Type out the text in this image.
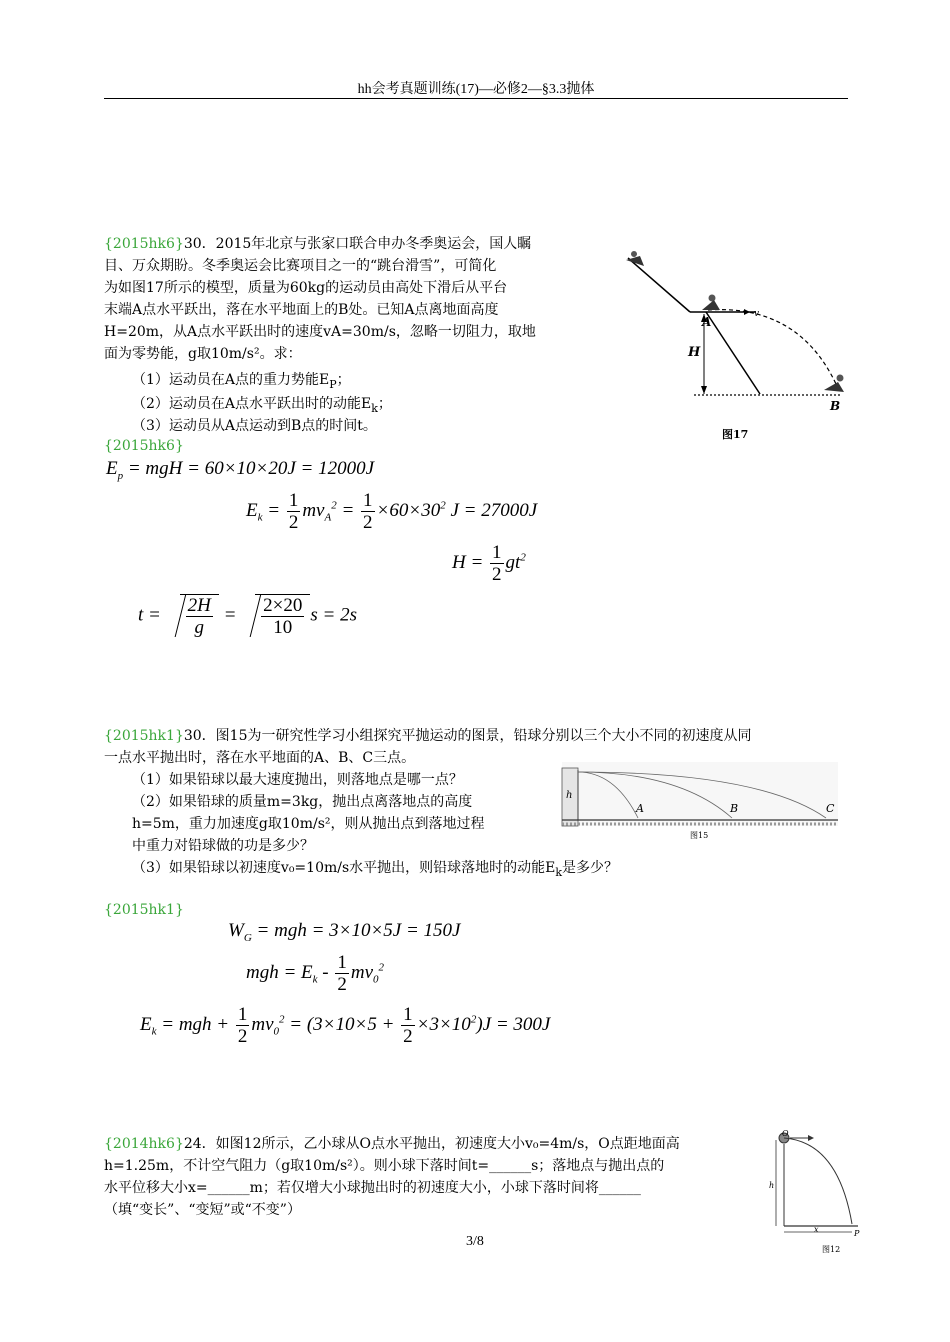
hh会考真题训练(17)—必修2—§3.3抛体
{2015hk6}30．2015年北京与张家口联合申办冬季奥运会，国人瞩
目、万众期盼。冬季奥运会比赛项目之一的“跳台滑雪”，可简化
为如图17所示的模型，质量为60kg的运动员由高处下滑后从平台
末端A点水平跃出，落在水平地面上的B处。已知A点离地面高度
H=20m，从A点水平跃出时的速度vA=30m/s，忽略一切阻力，取地
面为零势能，g取10m/s²。求：
（1）运动员在A点的重力势能$E_P$；
（2）运动员在A点水平跃出时的动能$E_k$；
（3）运动员从A点运动到B点的时间t。
{2015hk6}
$E_p$ = mgH = 60×10×20J = 12000J
$E_k = \frac{1}{2} mv_A^2 = \frac{1}{2} \times 60\times 30^2$ J = 27000J
$H = \frac{1}{2} gt^2$
$t = \frac{2H}{g} = \frac{2\times 20}{10}$ s = 2s
A
H
B
v
图17
{2015hk1}30．图15为一研究性学习小组探究平抛运动的图景，铅球分别以三个大小不同的初速度从同
一点水平抛出时，落在水平地面的A、B、C三点。
（1）如果铅球以最大速度抛出，则落地点是哪一点？
（2）如果铅球的质量m=3kg，抛出点离落地点的高度
h=5m，重力加速度g取10m/s²，则从抛出点到落地过程
中重力对铅球做的功是多少？
（3）如果铅球以初速度v₀=10m/s水平抛出，则铅球落地时的动能$E_k$是多少？
{2015hk1}
$W_G$ = mgh = 3×10×5J = 150J
mgh = $E_k - \frac{1}{2} mv_0^2$
$E_k$ = mgh + $\frac{1}{2} mv_0^2 = (3\times 10\times 5 + \frac{1}{2} \times 3\times 10^2)J = 300J$
h
A	B	C
图15
{2014hk6}24．如图12所示，乙小球从O点水平抛出，初速度大小v₀=4m/s，O点距地面高
h=1.25m，不计空气阻力（g取10m/s²）。则小球下落时间t=______s；落地点与抛出点的
水平位移大小x=______m；若仅增大小球抛出时的初速度大小，小球下落时间将______
（填“变长”、“变短”或“不变”）
O
h
x	P
图12
3/8
